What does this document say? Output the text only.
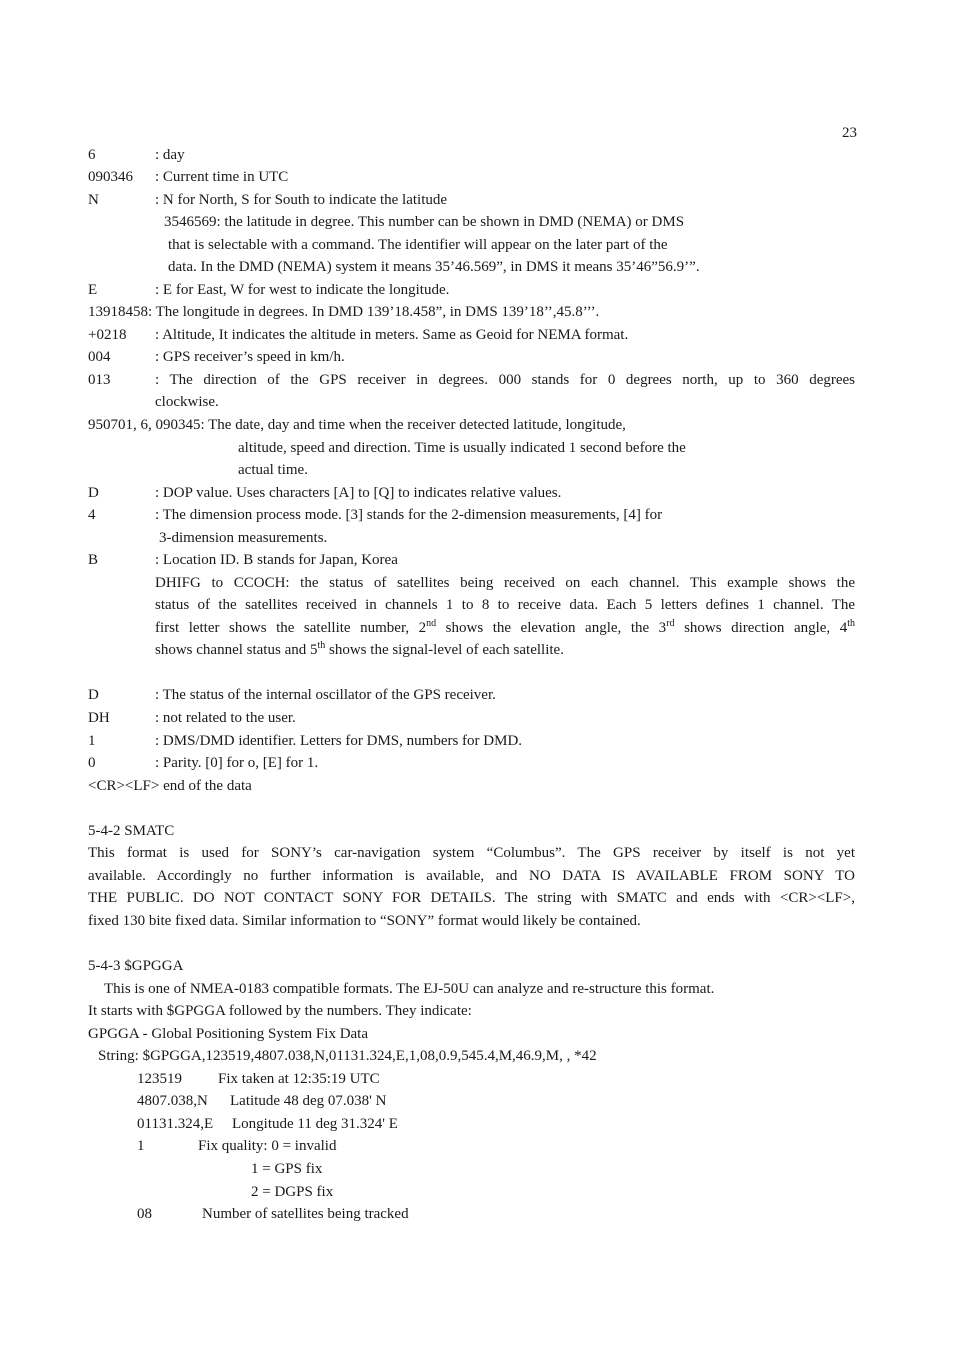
23
6	: day
090346 : Current time in UTC
N	: N for North, S for South to indicate the latitude
3546569: the latitude in degree. This number can be shown in DMD (NEMA) or DMS
that is selectable with a command. The identifier will appear on the later part of the
data. In the DMD (NEMA) system it means 35’46.569”, in DMS it means 35’46”56.9’”.
E	: E for East, W for west to indicate the longitude.
13918458: The longitude in degrees. In DMD 139’18.458”, in DMS 139’18’’,45.8’’’.
+0218 : Altitude, It indicates the altitude in meters. Same as Geoid for NEMA format.
004	: GPS receiver’s speed in km/h.
013	: The direction of the GPS receiver in degrees. 000 stands for 0 degrees north, up to 360 degrees
clockwise.
950701, 6, 090345: The date, day and time when the receiver detected latitude, longitude,
altitude, speed and direction. Time is usually indicated 1 second before the
actual time.
D	: DOP value. Uses characters [A] to [Q] to indicates relative values.
4	: The dimension process mode. [3] stands for the 2-dimension measurements, [4] for
3-dimension measurements.
B	: Location ID. B stands for Japan, Korea
DHIFG to CCOCH: the status of satellites being received on each channel. This example shows the
status of the satellites received in channels 1 to 8 to receive data. Each 5 letters defines 1 channel. The
first letter shows the satellite number, 2nd shows the elevation angle, the 3rd shows direction angle, 4th
shows channel status and 5th shows the signal-level of each satellite.
D	: The status of the internal oscillator of the GPS receiver.
DH	: not related to the user.
1	: DMS/DMD identifier. Letters for DMS, numbers for DMD.
0	: Parity. [0] for o, [E] for 1.
<CR><LF> end of the data
5-4-2 SMATC
This format is used for SONY’s car-navigation system “Columbus”. The GPS receiver by itself is not yet
available. Accordingly no further information is available, and NO DATA IS AVAILABLE FROM SONY TO
THE PUBLIC. DO NOT CONTACT SONY FOR DETAILS. The string with SMATC and ends with <CR><LF>,
fixed 130 bite fixed data. Similar information to “SONY” format would likely be contained.
5-4-3 $GPGGA
This is one of NMEA-0183 compatible formats. The EJ-50U can analyze and re-structure this format.
It starts with $GPGGA followed by the numbers. They indicate:
GPGGA - Global Positioning System Fix Data
String: $GPGGA,123519,4807.038,N,01131.324,E,1,08,0.9,545.4,M,46.9,M, , *42
123519 Fix taken at 12:35:19 UTC
4807.038,N Latitude 48 deg 07.038' N
01131.324,E Longitude 11 deg 31.324' E
1	Fix quality: 0 = invalid
1 = GPS fix
2 = DGPS fix
08	Number of satellites being tracked
